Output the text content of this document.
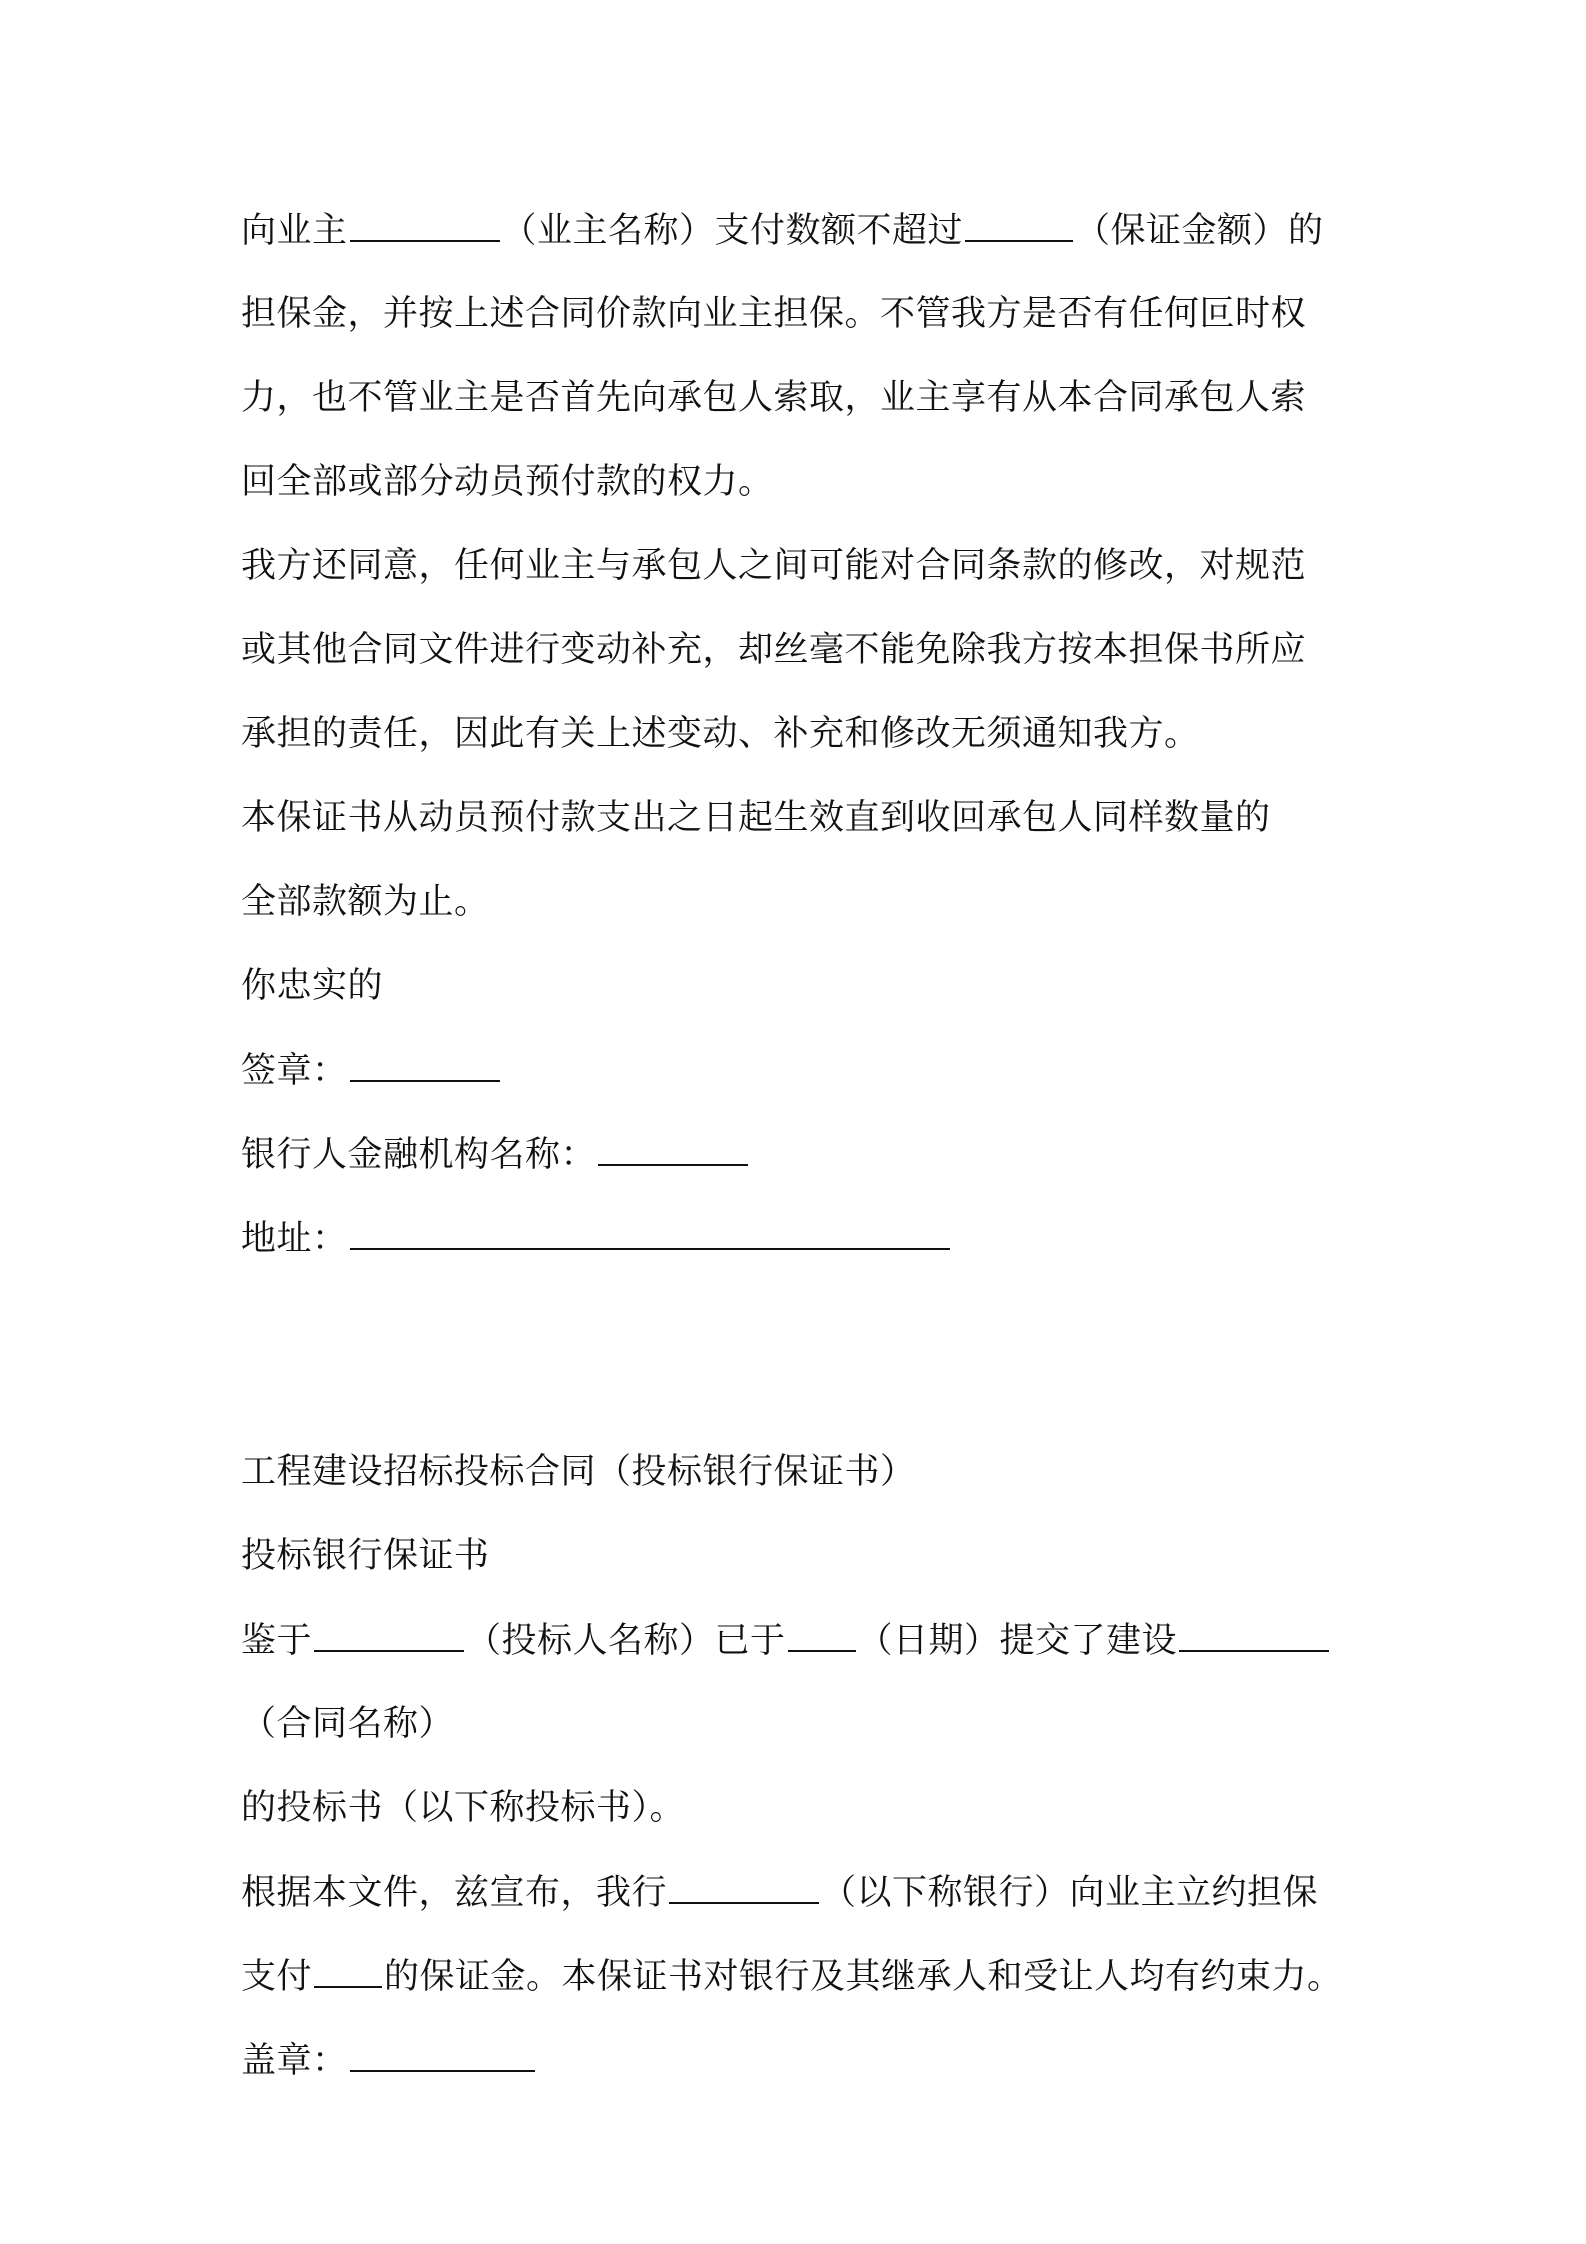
向业主	（业主名称）支付数额不超过	（保证金额）的
担保金，并按上述合同价款向业主担保。不管我方是否有任何叵时权
力，也不管业主是否首先向承包人索取，业主享有从本合同承包人索
回全部或部分动员预付款的权力。
我方还同意，任何业主与承包人之间可能对合同条款的修改，对规范
或其他合同文件进行变动补充，却丝毫不能免除我方按本担保书所应
承担的责任，因此有关上述变动、补充和修改无须通知我方。
本保证书从动员预付款支出之日起生效直到收回承包人同样数量的
全部款额为止。
你忠实的
签章：
银行人金融机构名称：
地址：
工程建设招标投标合同（投标银行保证书）
投标银行保证书
鉴于	（投标人名称）已于 （日期）提交了建设
（合同名称）
的投标书（以下称投标书）。
根据本文件，兹宣布，我行	（以下称银行）向业主立约担保
支付 的保证金。本保证书对银行及其继承人和受让人均有约束力。
盖章：
